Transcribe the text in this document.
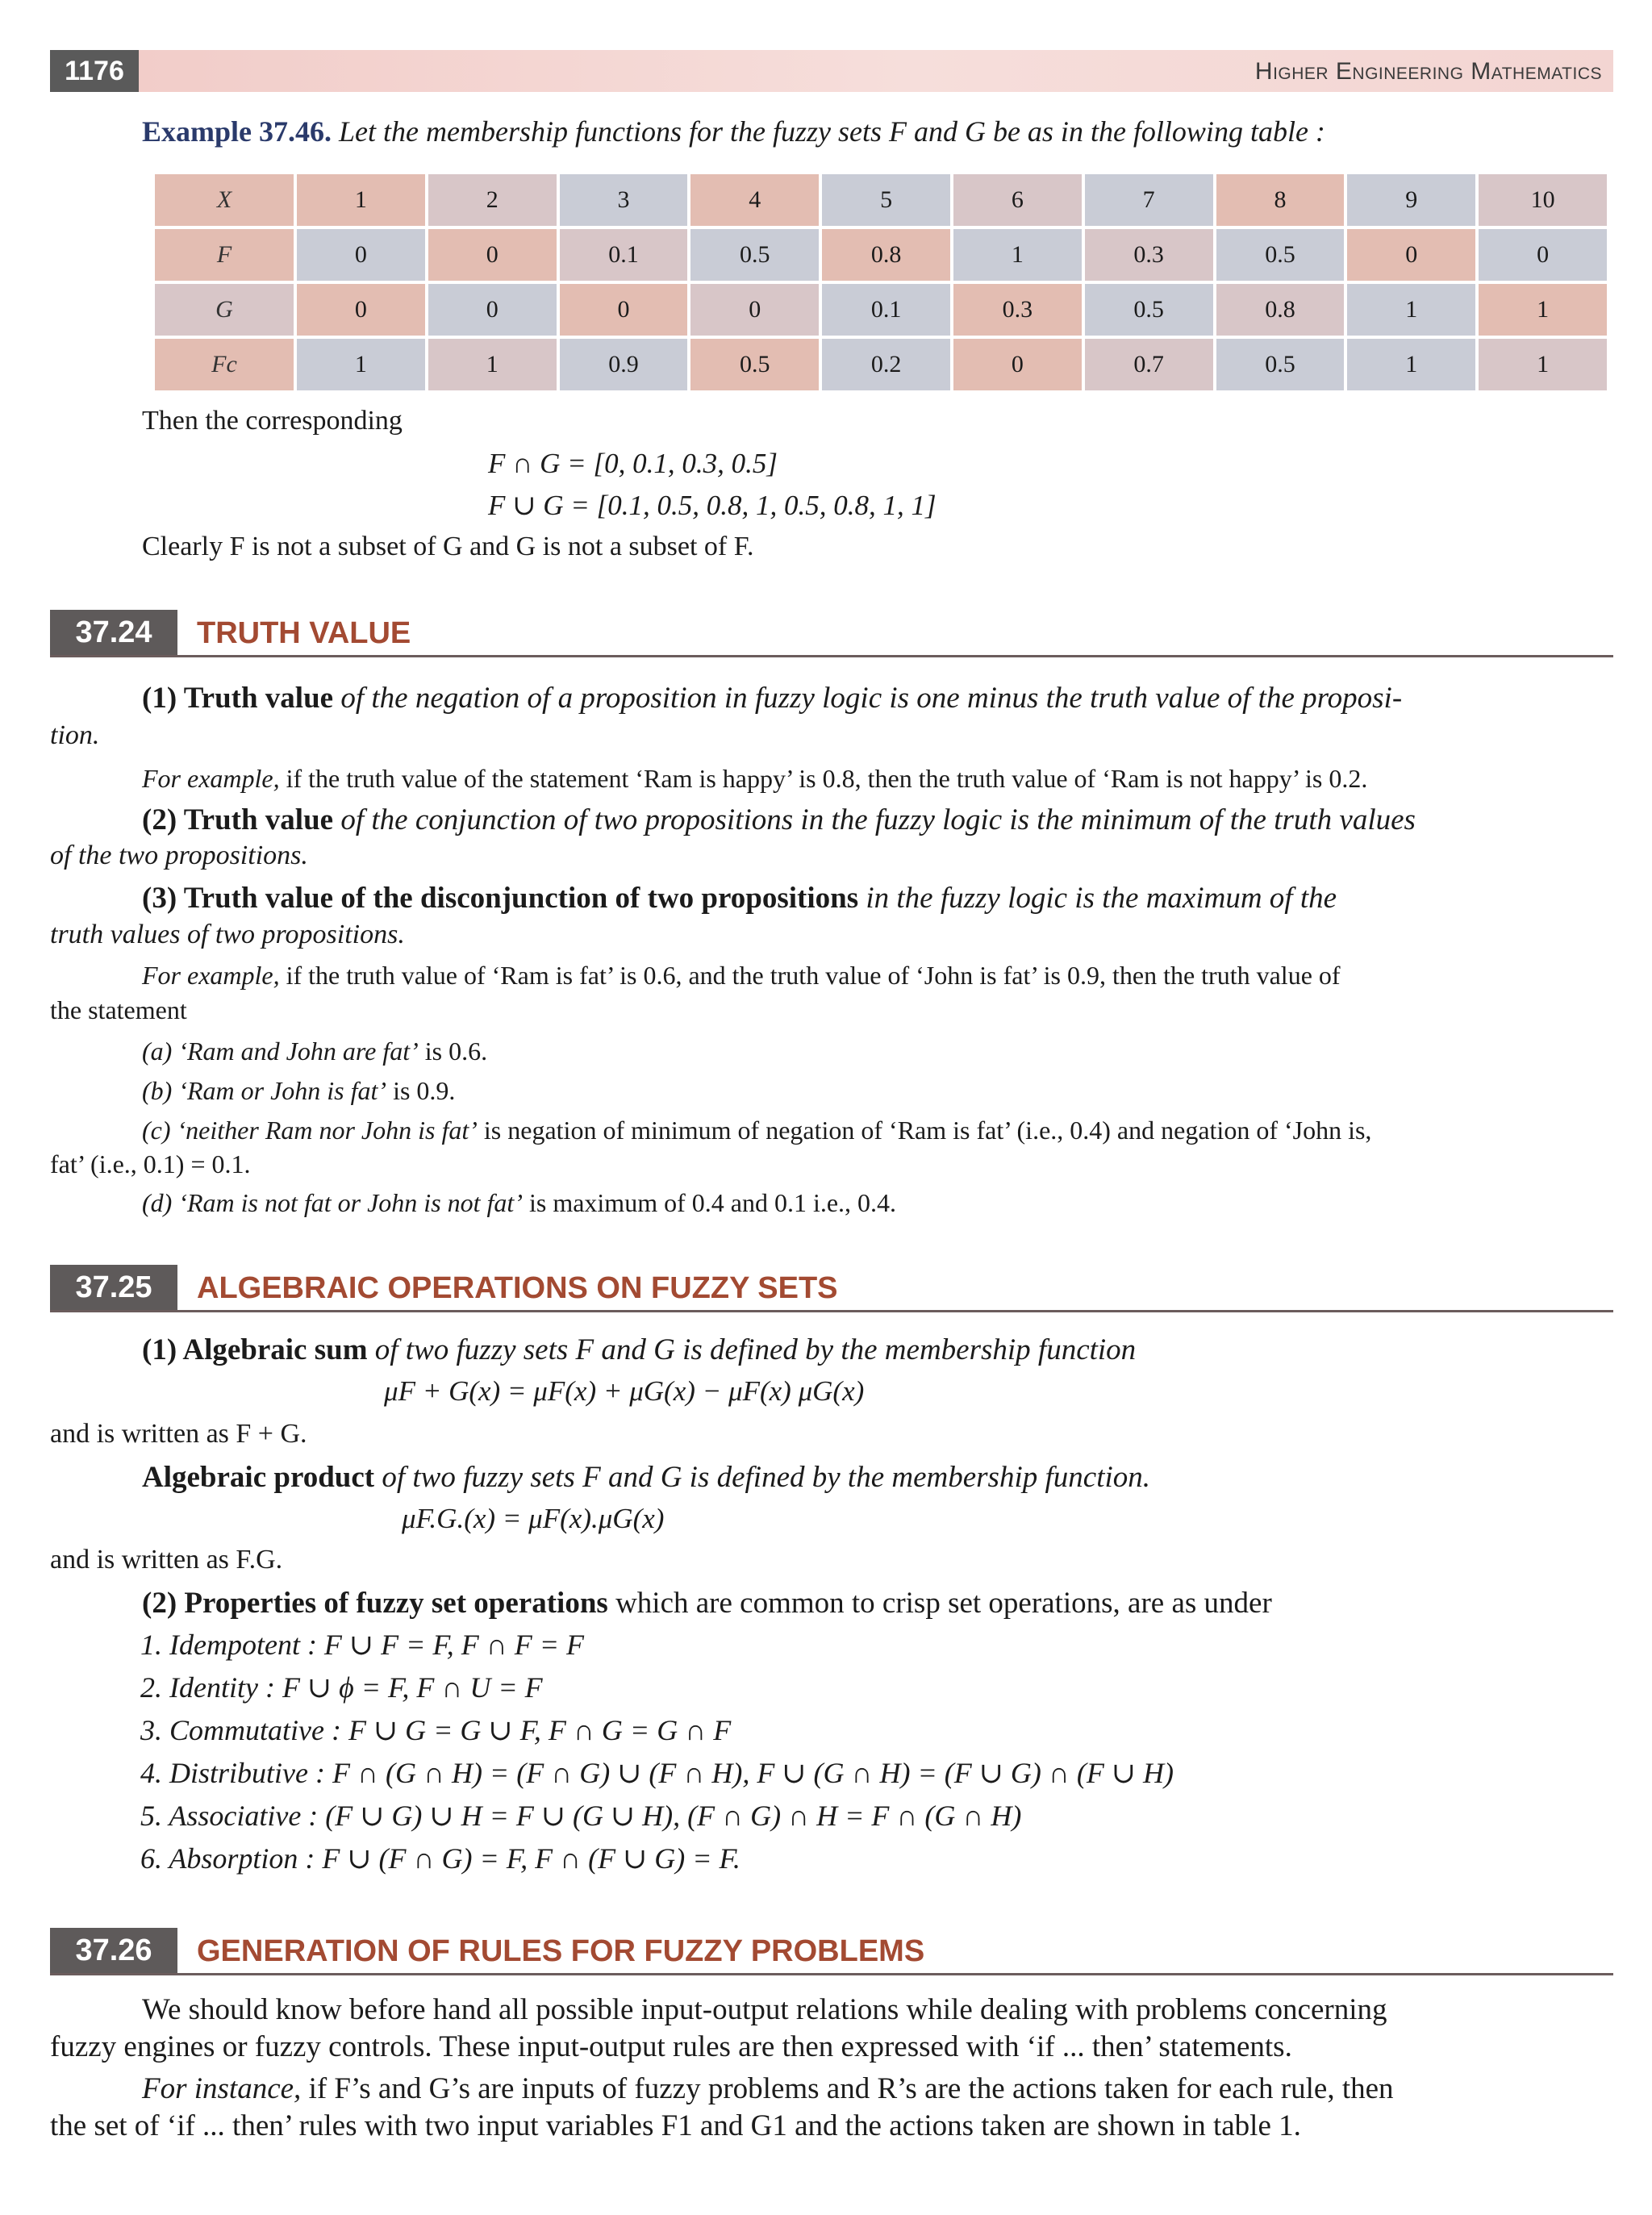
1176	Higher Engineering Mathematics
Example 37.46. Let the membership functions for the fuzzy sets F and G be as in the following table :
X	1	2	3	4	5	6	7	8	9	10
F	0	0	0.1	0.5	0.8	1	0.3	0.5	0	0
G	0	0	0	0	0.1	0.3	0.5	0.8	1	1
Fc	1	1	0.9	0.5	0.2	0	0.7	0.5	1	1
Then the corresponding
F ∩ G = [0, 0.1, 0.3, 0.5]
F ∪ G = [0.1, 0.5, 0.8, 1, 0.5, 0.8, 1, 1]
Clearly F is not a subset of G and G is not a subset of F.
37.24	TRUTH VALUE
(1) Truth value of the negation of a proposition in fuzzy logic is one minus the truth value of the proposi-
tion.
For example, if the truth value of the statement ‘Ram is happy’ is 0.8, then the truth value of ‘Ram is not happy’ is 0.2.
(2) Truth value of the conjunction of two propositions in the fuzzy logic is the minimum of the truth values
of the two propositions.
(3) Truth value of the disconjunction of two propositions in the fuzzy logic is the maximum of the
truth values of two propositions.
For example, if the truth value of ‘Ram is fat’ is 0.6, and the truth value of ‘John is fat’ is 0.9, then the truth value of
the statement
(a) ‘Ram and John are fat’ is 0.6.
(b) ‘Ram or John is fat’ is 0.9.
(c) ‘neither Ram nor John is fat’ is negation of minimum of negation of ‘Ram is fat’ (i.e., 0.4) and negation of ‘John is,
fat’ (i.e., 0.1) = 0.1.
(d) ‘Ram is not fat or John is not fat’ is maximum of 0.4 and 0.1 i.e., 0.4.
37.25	ALGEBRAIC OPERATIONS ON FUZZY SETS
(1) Algebraic sum of two fuzzy sets F and G is defined by the membership function
μF + G(x) = μF(x) + μG(x) − μF(x) μG(x)
and is written as F + G.
Algebraic product of two fuzzy sets F and G is defined by the membership function.
μF.G.(x) = μF(x).μG(x)
and is written as F.G.
(2) Properties of fuzzy set operations which are common to crisp set operations, are as under
1. Idempotent : F ∪ F = F, F ∩ F = F
2. Identity : F ∪ ϕ = F, F ∩ U = F
3. Commutative : F ∪ G = G ∪ F, F ∩ G = G ∩ F
4. Distributive : F ∩ (G ∩ H) = (F ∩ G) ∪ (F ∩ H), F ∪ (G ∩ H) = (F ∪ G) ∩ (F ∪ H)
5. Associative : (F ∪ G) ∪ H = F ∪ (G ∪ H), (F ∩ G) ∩ H = F ∩ (G ∩ H)
6. Absorption : F ∪ (F ∩ G) = F, F ∩ (F ∪ G) = F.
37.26	GENERATION OF RULES FOR FUZZY PROBLEMS
We should know before hand all possible input-output relations while dealing with problems concerning
fuzzy engines or fuzzy controls. These input-output rules are then expressed with ‘if ... then’ statements.
For instance, if F’s and G’s are inputs of fuzzy problems and R’s are the actions taken for each rule, then
the set of ‘if ... then’ rules with two input variables F1 and G1 and the actions taken are shown in table 1.
